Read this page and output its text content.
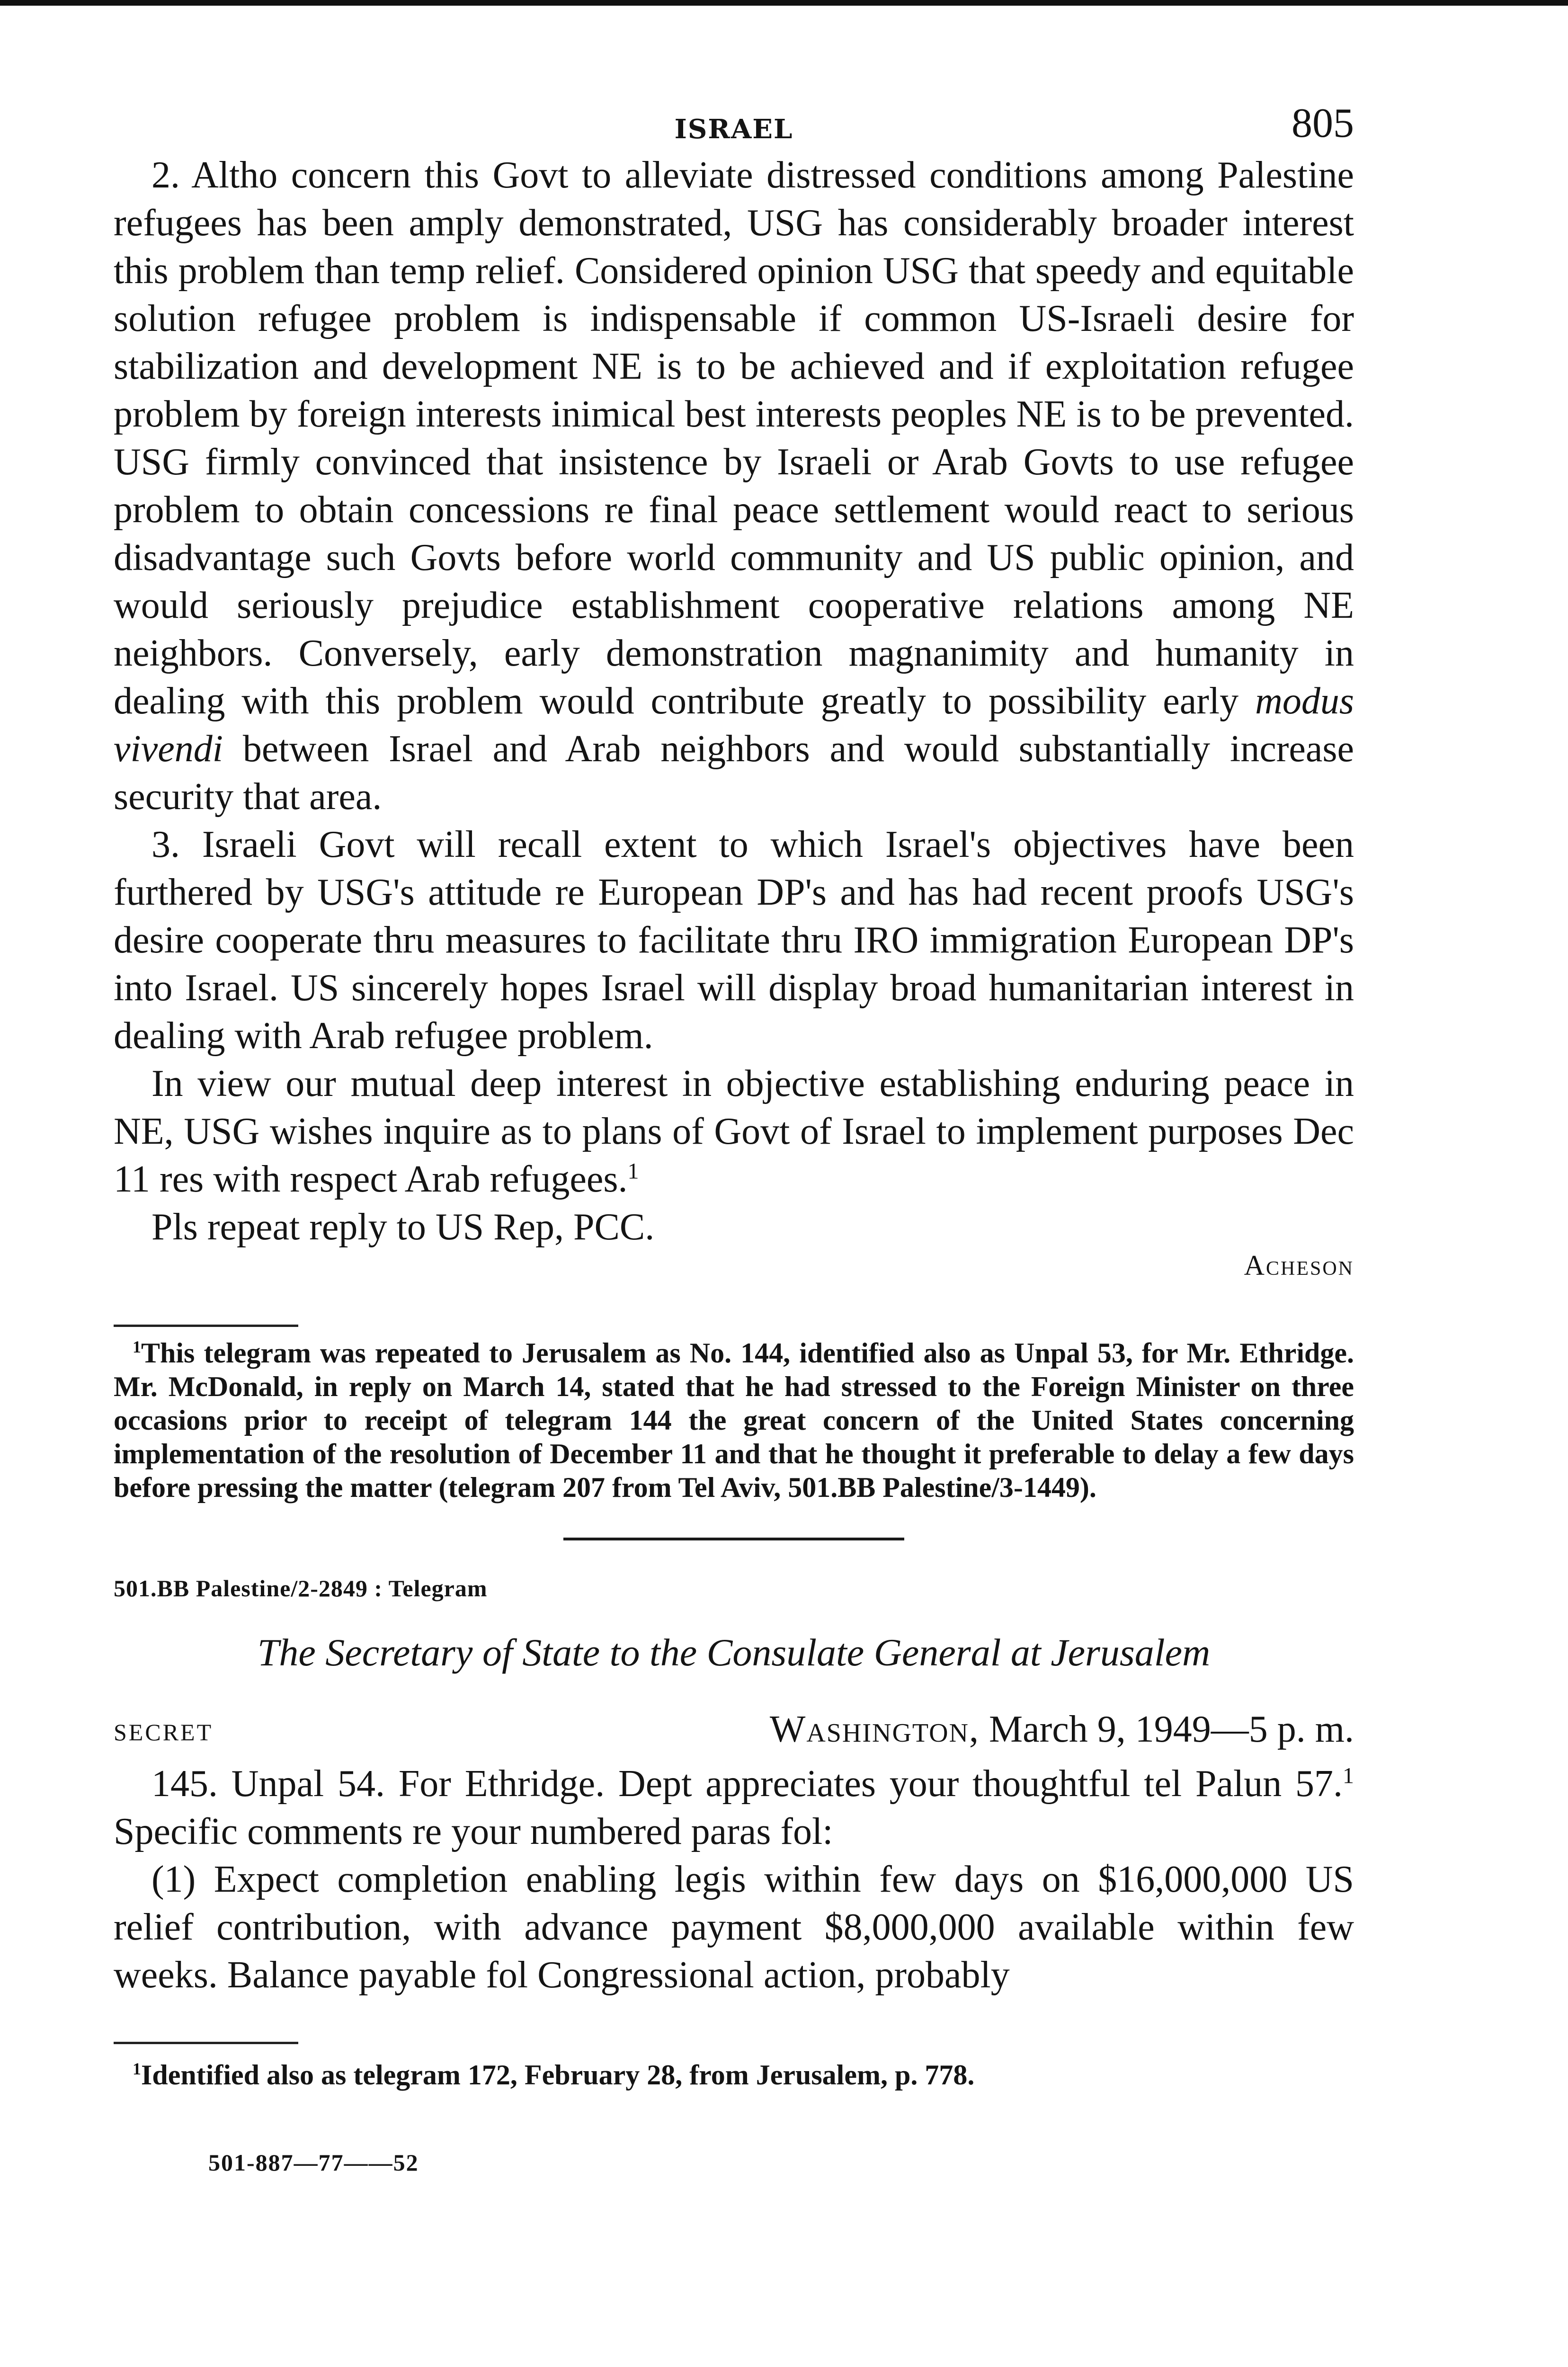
ISRAEL	805

2. Altho concern this Govt to alleviate distressed conditions among Palestine refugees has been amply demonstrated, USG has considerably broader interest this problem than temp relief. Considered opinion USG that speedy and equitable solution refugee problem is indispensable if common US-Israeli desire for stabilization and development NE is to be achieved and if exploitation refugee problem by foreign interests inimical best interests peoples NE is to be prevented. USG firmly convinced that insistence by Israeli or Arab Govts to use refugee problem to obtain concessions re final peace settlement would react to serious disadvantage such Govts before world community and US public opinion, and would seriously prejudice establishment cooperative relations among NE neighbors. Conversely, early demonstration magnanimity and humanity in dealing with this problem would contribute greatly to possibility early modus vivendi between Israel and Arab neighbors and would substantially increase security that area.

3. Israeli Govt will recall extent to which Israel's objectives have been furthered by USG's attitude re European DP's and has had recent proofs USG's desire cooperate thru measures to facilitate thru IRO immigration European DP's into Israel. US sincerely hopes Israel will display broad humanitarian interest in dealing with Arab refugee problem.

In view our mutual deep interest in objective establishing enduring peace in NE, USG wishes inquire as to plans of Govt of Israel to implement purposes Dec 11 res with respect Arab refugees.$^1$

Pls repeat reply to US Rep, PCC.

Acheson

$^1$This telegram was repeated to Jerusalem as No. 144, identified also as Unpal 53, for Mr. Ethridge. Mr. McDonald, in reply on March 14, stated that he had stressed to the Foreign Minister on three occasions prior to receipt of telegram 144 the great concern of the United States concerning implementation of the resolution of December 11 and that he thought it preferable to delay a few days before pressing the matter (telegram 207 from Tel Aviv, 501.BB Palestine/3-1449).

501.BB Palestine/2-2849 : Telegram
The Secretary of State to the Consulate General at Jerusalem
SECRET	Washington, March 9, 1949—5 p. m.

145. Unpal 54. For Ethridge. Dept appreciates your thoughtful tel Palun 57.$^1$ Specific comments re your numbered paras fol:

(1) Expect completion enabling legis within few days on $16,000,000 US relief contribution, with advance payment $8,000,000 available within few weeks. Balance payable fol Congressional action, probably

$^1$Identified also as telegram 172, February 28, from Jerusalem, p. 778.

501-887—77——52
